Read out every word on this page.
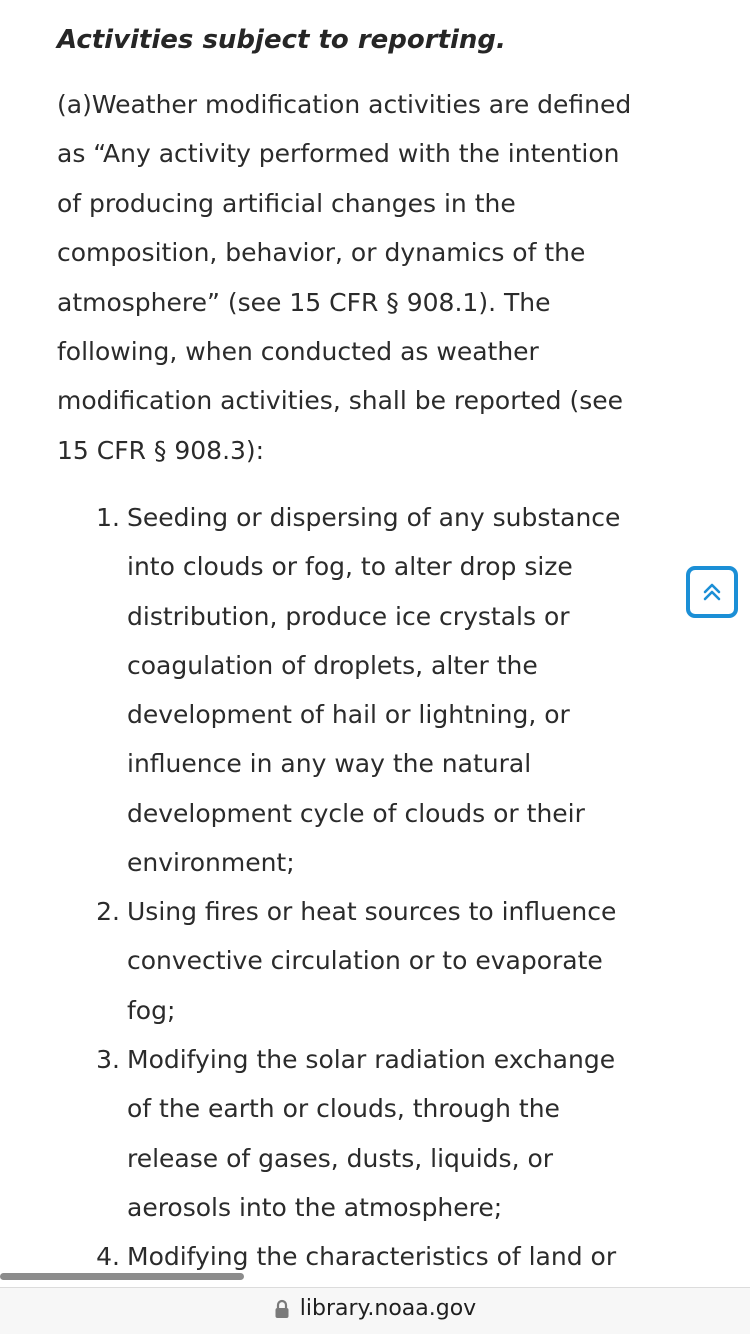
Activities subject to reporting.

(a)Weather modification activities are defined
as “Any activity performed with the intention
of producing artificial changes in the
composition, behavior, or dynamics of the
atmosphere” (see 15 CFR § 908.1). The
following, when conducted as weather
modification activities, shall be reported (see
15 CFR § 908.3):

1. Seeding or dispersing of any substance
into clouds or fog, to alter drop size
distribution, produce ice crystals or
coagulation of droplets, alter the
development of hail or lightning, or
influence in any way the natural
development cycle of clouds or their
environment;
2. Using fires or heat sources to influence
convective circulation or to evaporate
fog;
3. Modifying the solar radiation exchange
of the earth or clouds, through the
release of gases, dusts, liquids, or
aerosols into the atmosphere;
4. Modifying the characteristics of land or
library.noaa.gov
